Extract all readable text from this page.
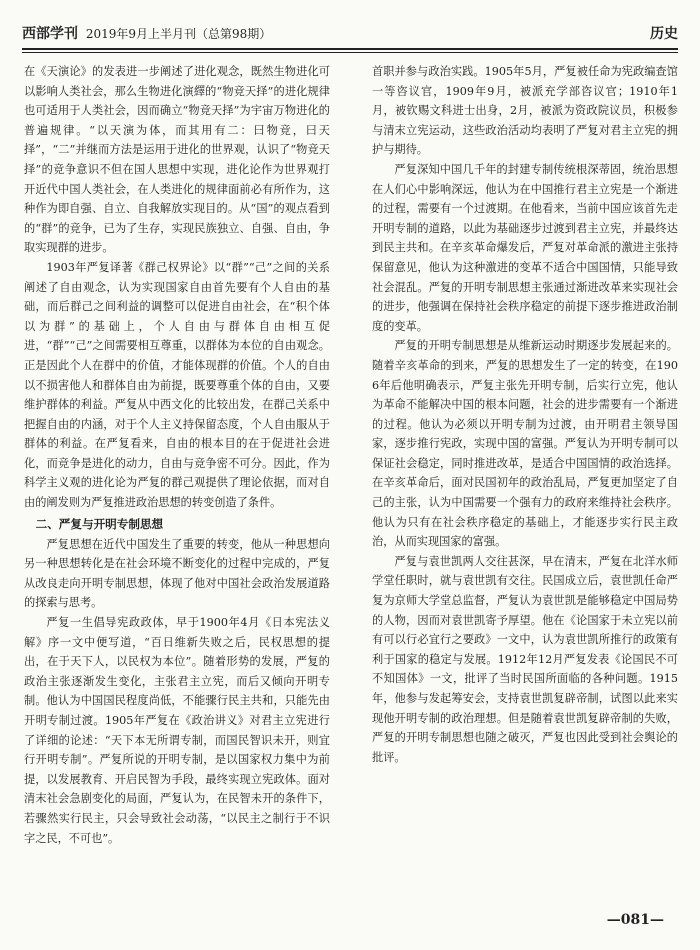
西部学刊 2019年9月上半月刊（总第98期）	历史

在《天演论》的发表进一步阐述了进化观念，既然生物进化可以影响人类社会，那么生物进化演繹的“物竞天择”的进化规律也可适用于人类社会，因而确立“物竞天择”为宇宙万物进化的普遍规律。“以天演为体，而其用有二：曰物竞，曰天择”，“二”并继而方法是运用于进化的世界观，认识了“物竞天择”的竞争意识不但在国人思想中实现，进化论作为世界观打开近代中国人类社会，在人类进化的规律面前必有所作为，这种作为即自强、自立、自我解放实现目的。从“国”的观点看到的“群”的竞争，已为了生存，实现民族独立、自强、自由，争取实现群的进步。

1903年严复译著《群己权界论》以“群”“己”之间的关系阐述了自由观念，认为实现国家自由首先要有个人自由的基础，而后群己之间利益的调整可以促进自由社会，在“积个体以为群”的基础上，个人自由与群体自由相互促进，“群”“己”之间需要相互尊重，以群体为本位的自由观念。正是因此个人在群中的价值，才能体现群的价值。个人的自由以不损害他人和群体自由为前提，既要尊重个体的自由，又要维护群体的利益。严复从中西文化的比较出发，在群己关系中把握自由的内涵，对于个人主义持保留态度，个人自由服从于群体的利益。在严复看来，自由的根本目的在于促进社会进化，而竞争是进化的动力，自由与竞争密不可分。因此，作为科学主义观的进化论为严复的群己观提供了理论依据，而对自由的阐发则为严复推进政治思想的转变创造了条件。

二、严复与开明专制思想

严复思想在近代中国发生了重要的转变，他从一种思想向另一种思想转化是在社会环境不断变化的过程中完成的，严复从改良走向开明专制思想，体现了他对中国社会政治发展道路的探索与思考。

严复一生倡导宪政政体，早于1900年4月《日本宪法义解》序一文中便写道，“百日维新失败之后，民权思想的提出，在于天下人，以民权为本位”。随着形势的发展，严复的政治主张逐渐发生变化，主张君主立宪，而后又倾向开明专制。他认为中国国民程度尚低，不能骤行民主共和，只能先由开明专制过渡。1905年严复在《政治讲义》对君主立宪进行了详细的论述：“天下本无所谓专制，而国民智识未开，则宜行开明专制”。严复所说的开明专制，是以国家权力集中为前提，以发展教育、开启民智为手段，最终实现立宪政体。面对清末社会急剧变化的局面，严复认为，在民智未开的条件下，若骤然实行民主，只会导致社会动荡，“以民主之制行于不识字之民，不可也”。

首职并参与政治实践。1905年5月，严复被任命为宪政编查馆一等咨议官，1909年9月，被派充学部咨议官；1910年1月，被钦赐文科进士出身，2月，被派为资政院议员，积极参与清末立宪运动，这些政治活动均表明了严复对君主立宪的拥护与期待。

严复深知中国几千年的封建专制传统根深蒂固，统治思想在人们心中影响深远，他认为在中国推行君主立宪是一个渐进的过程，需要有一个过渡期。在他看来，当前中国应该首先走开明专制的道路，以此为基础逐步过渡到君主立宪，并最终达到民主共和。在辛亥革命爆发后，严复对革命派的激进主张持保留意见，他认为这种激进的变革不适合中国国情，只能导致社会混乱。严复的开明专制思想主张通过渐进改革来实现社会的进步，他强调在保持社会秩序稳定的前提下逐步推进政治制度的变革。

严复的开明专制思想是从维新运动时期逐步发展起来的。随着辛亥革命的到来，严复的思想发生了一定的转变，在1906年后他明确表示，严复主张先开明专制，后实行立宪，他认为革命不能解决中国的根本问题，社会的进步需要有一个渐进的过程。他认为必须以开明专制为过渡，由开明君主领导国家，逐步推行宪政，实现中国的富强。严复认为开明专制可以保证社会稳定，同时推进改革，是适合中国国情的政治选择。在辛亥革命后，面对民国初年的政治乱局，严复更加坚定了自己的主张，认为中国需要一个强有力的政府来维持社会秩序。他认为只有在社会秩序稳定的基础上，才能逐步实行民主政治，从而实现国家的富强。

严复与袁世凯两人交往甚深，早在清末，严复在北洋水师学堂任职时，就与袁世凯有交往。民国成立后，袁世凯任命严复为京师大学堂总监督，严复认为袁世凯是能够稳定中国局势的人物，因而对袁世凯寄予厚望。他在《论国家于未立宪以前有可以行必宜行之要政》一文中，认为袁世凯所推行的政策有利于国家的稳定与发展。1912年12月严复发表《论国民不可不知国体》一文，批评了当时民国所面临的各种问题。1915年，他参与发起筹安会，支持袁世凯复辟帝制，试图以此来实现他开明专制的政治理想。但是随着袁世凯复辟帝制的失败，严复的开明专制思想也随之破灭，严复也因此受到社会舆论的批评。

—081—
